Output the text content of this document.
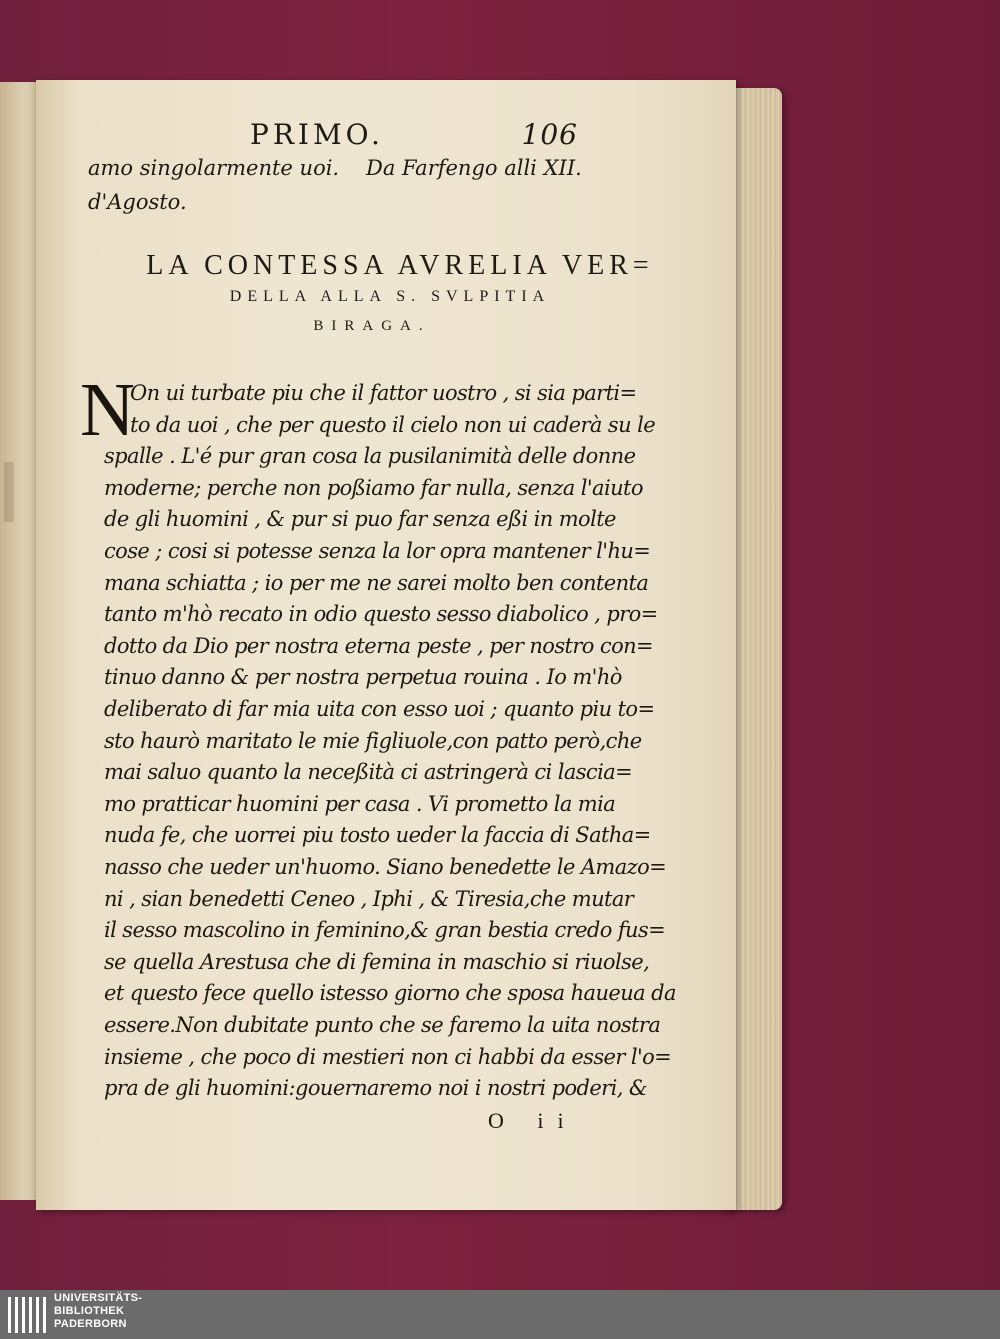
PRIMO.	106
amo singolarmente uoi. Da Farfengo alli XII.
d'Agosto.
LA CONTESSA AVRELIA VER=
DELLA ALLA S. SVLPITIA
BIRAGA.
N
On ui turbate piu che il fattor uostro , si sia parti=
to da uoi , che per questo il cielo non ui caderà su le
spalle . L'é pur gran cosa la pusilanimità delle donne
moderne; perche non poßiamo far nulla, senza l'aiuto
de gli huomini , & pur si puo far senza eßi in molte
cose ; cosi si potesse senza la lor opra mantener l'hu=
mana schiatta ; io per me ne sarei molto ben contenta
tanto m'hò recato in odio questo sesso diabolico , pro=
dotto da Dio per nostra eterna peste , per nostro con=
tinuo danno & per nostra perpetua rouina . Io m'hò
deliberato di far mia uita con esso uoi ; quanto piu to=
sto haurò maritato le mie figliuole,con patto però,che
mai saluo quanto la neceßità ci astringerà ci lascia=
mo pratticar huomini per casa . Vi prometto la mia
nuda fe, che uorrei piu tosto ueder la faccia di Satha=
nasso che ueder un'huomo. Siano benedette le Amazo=
ni , sian benedetti Ceneo , Iphi , & Tiresia,che mutar
il sesso mascolino in feminino,& gran bestia credo fus=
se quella Arestusa che di femina in maschio si riuolse,
et questo fece quello istesso giorno che sposa haueua da
essere.Non dubitate punto che se faremo la uita nostra
insieme , che poco di mestieri non ci habbi da esser l'o=
pra de gli huomini:gouernaremo noi i nostri poderi, &
O ii
UNIVERSITÄTS-
BIBLIOTHEK
PADERBORN
